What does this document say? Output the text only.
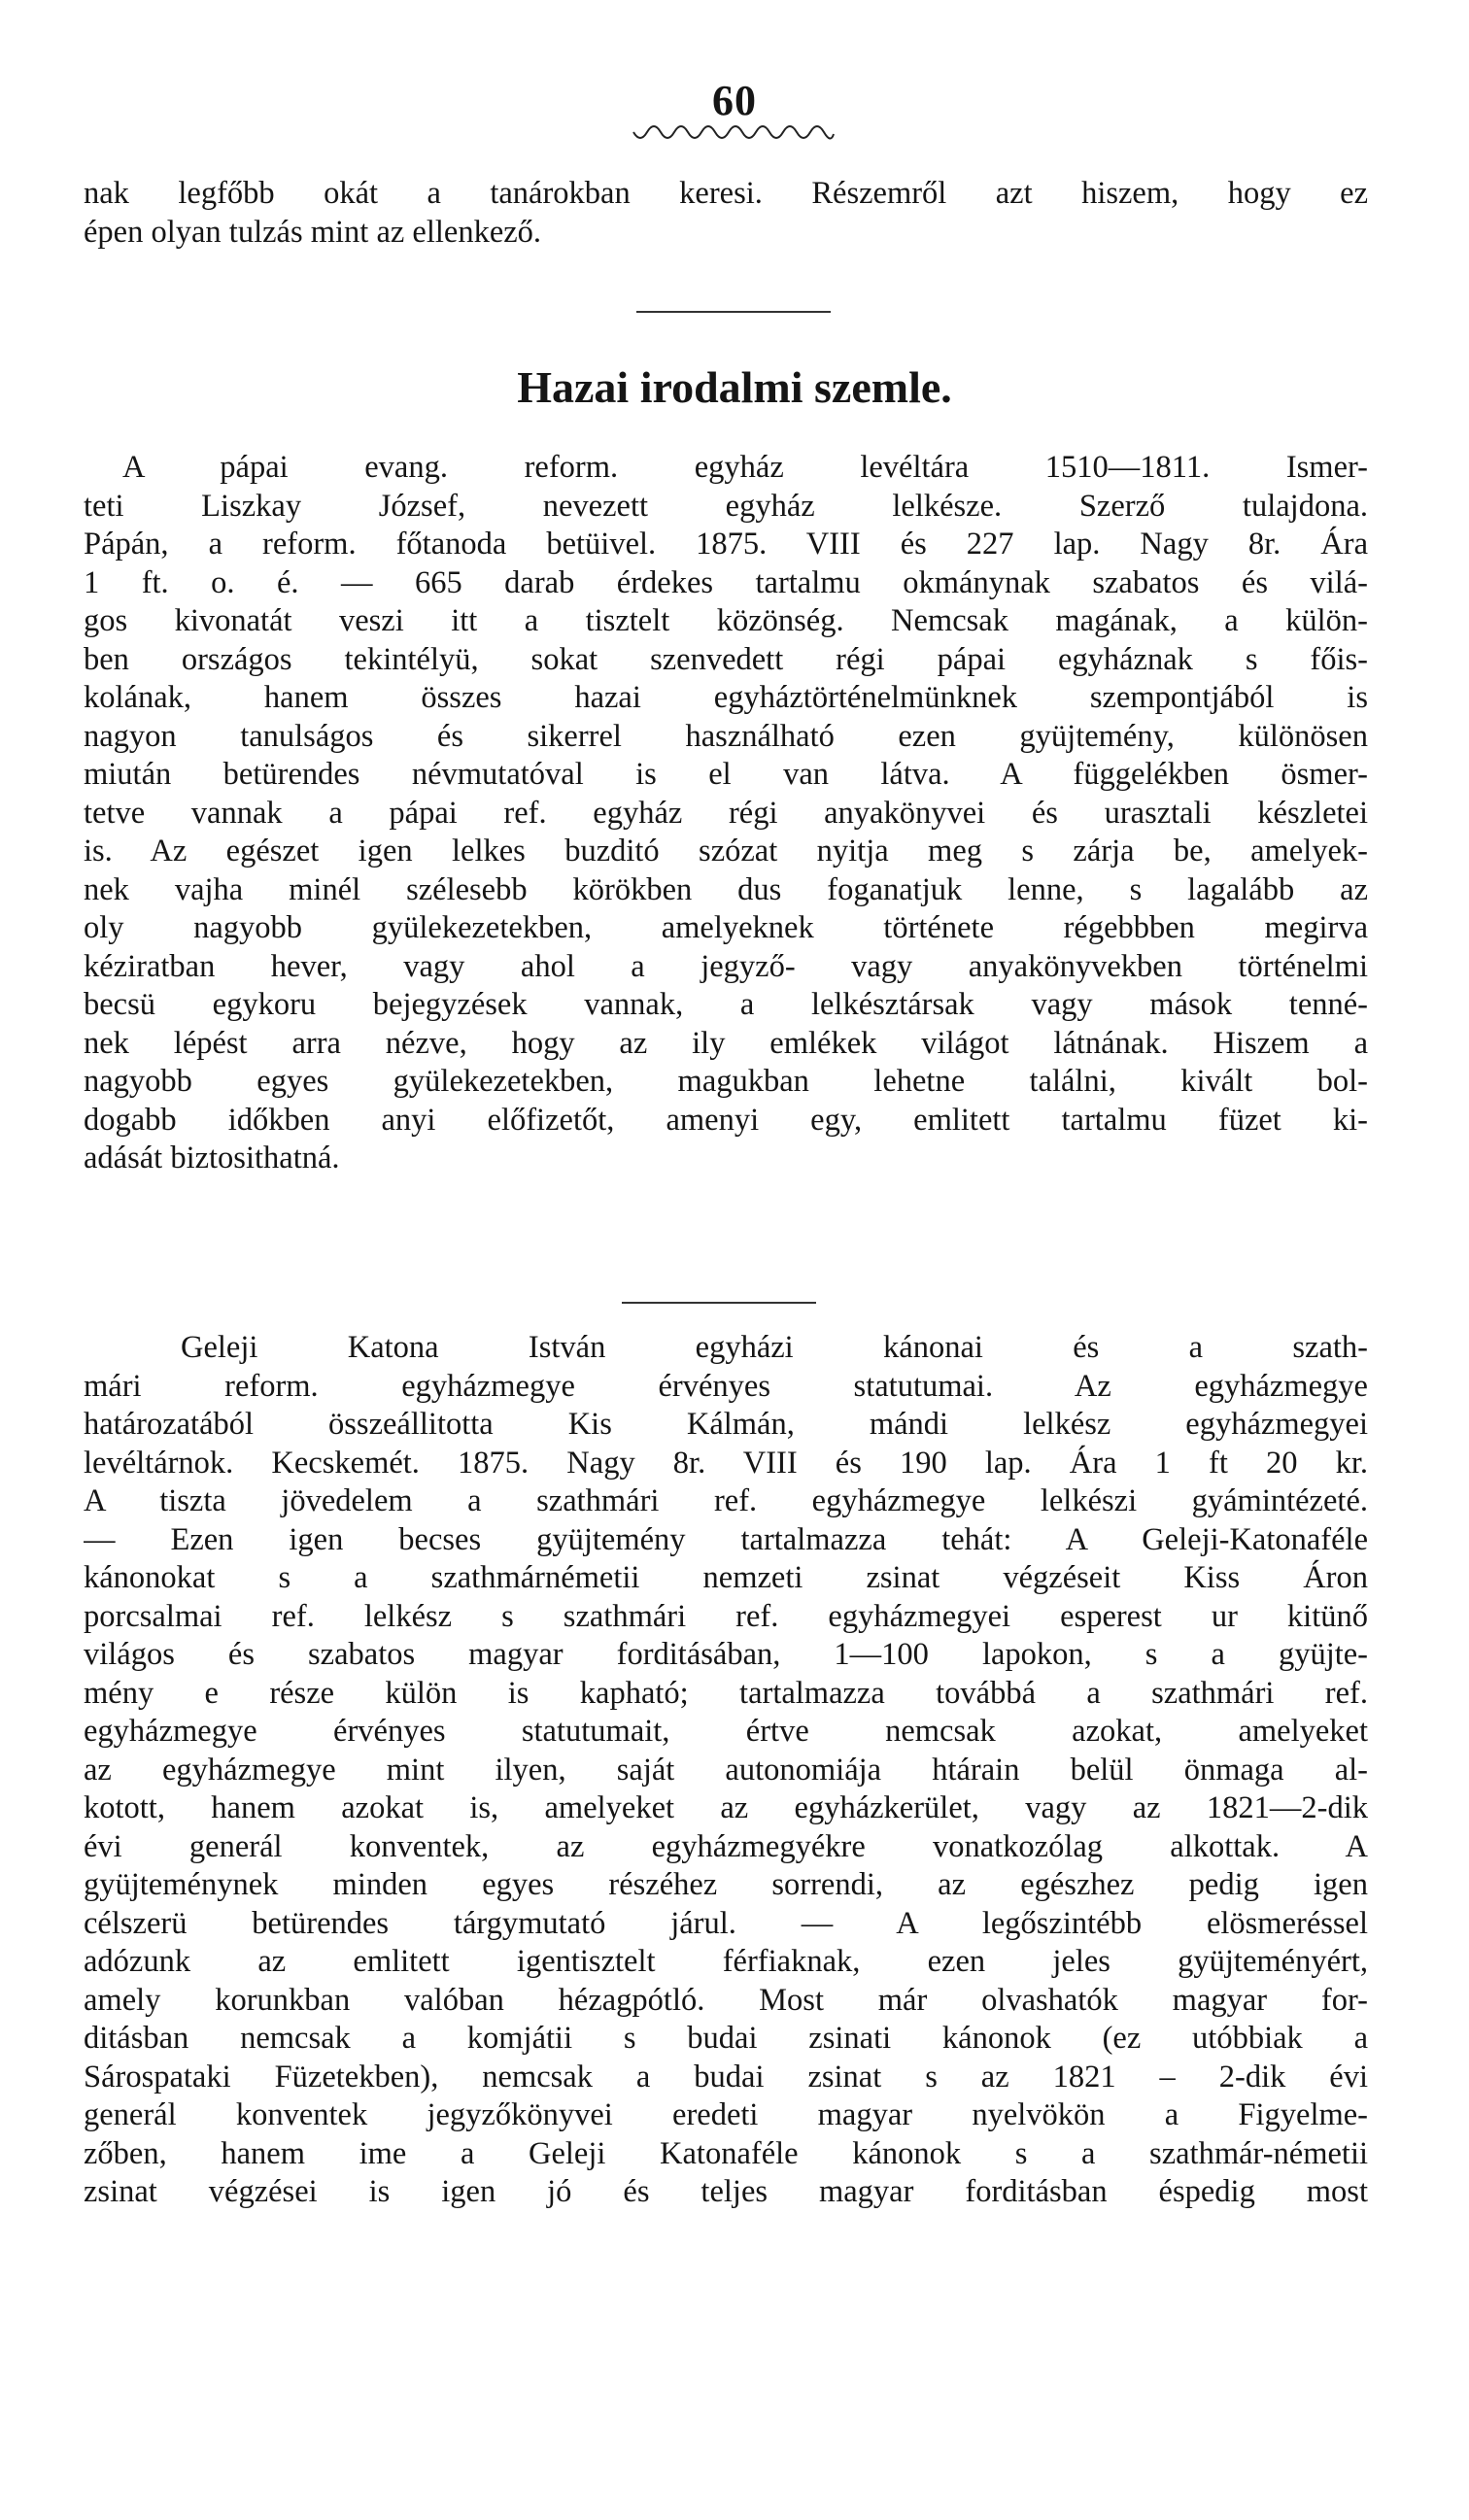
60
nak legfőbb okát a tanárokban keresi. Részemről azt hiszem, hogy ez
épen olyan tulzás mint az ellenkező.
Hazai irodalmi szemle.
A pápai evang. reform. egyház levéltára 1510—1811. Ismer-
teti Liszkay József, nevezett egyház lelkésze. Szerző tulajdona.
Pápán, a reform. főtanoda betüivel. 1875. VIII és 227 lap. Nagy 8r. Ára
1 ft. o. é. — 665 darab érdekes tartalmu okmánynak szabatos és vilá-
gos kivonatát veszi itt a tisztelt közönség. Nemcsak magának, a külön-
ben országos tekintélyü, sokat szenvedett régi pápai egyháznak s főis-
kolának, hanem összes hazai egyháztörténelmünknek szempontjából is
nagyon tanulságos és sikerrel használható ezen gyüjtemény, különösen
miután betürendes névmutatóval is el van látva. A függelékben ösmer-
tetve vannak a pápai ref. egyház régi anyakönyvei és urasztali készletei
is. Az egészet igen lelkes buzditó szózat nyitja meg s zárja be, amelyek-
nek vajha minél szélesebb körökben dus foganatjuk lenne, s lagalább az
oly nagyobb gyülekezetekben, amelyeknek története régebbben megirva
kéziratban hever, vagy ahol a jegyző- vagy anyakönyvekben történelmi
becsü egykoru bejegyzések vannak, a lelkésztársak vagy mások tenné-
nek lépést arra nézve, hogy az ily emlékek világot látnának. Hiszem a
nagyobb egyes gyülekezetekben, magukban lehetne találni, kivált bol-
dogabb időkben anyi előfizetőt, amenyi egy, emlitett tartalmu füzet ki-
adását biztosithatná.
Geleji Katona István egyházi kánonai és a szath-
mári reform. egyházmegye érvényes statutumai. Az egyházmegye
határozatából összeállitotta Kis Kálmán, mándi lelkész egyházmegyei
levéltárnok. Kecskemét. 1875. Nagy 8r. VIII és 190 lap. Ára 1 ft 20 kr.
A tiszta jövedelem a szathmári ref. egyházmegye lelkészi gyámintézeté.
— Ezen igen becses gyüjtemény tartalmazza tehát: A Geleji-Katonaféle
kánonokat s a szathmárnémetii nemzeti zsinat végzéseit Kiss Áron
porcsalmai ref. lelkész s szathmári ref. egyházmegyei esperest ur kitünő
világos és szabatos magyar forditásában, 1—100 lapokon, s a gyüjte-
mény e része külön is kapható; tartalmazza továbbá a szathmári ref.
egyházmegye érvényes statutumait, értve nemcsak azokat, amelyeket
az egyházmegye mint ilyen, saját autonomiája htárain belül önmaga al-
kotott, hanem azokat is, amelyeket az egyházkerület, vagy az 1821—2-dik
évi generál konventek, az egyházmegyékre vonatkozólag alkottak. A
gyüjteménynek minden egyes részéhez sorrendi, az egészhez pedig igen
célszerü betürendes tárgymutató járul. — A legőszintébb elösmeréssel
adózunk az emlitett igentisztelt férfiaknak, ezen jeles gyüjteményért,
amely korunkban valóban hézagpótló. Most már olvashatók magyar for-
ditásban nemcsak a komjátii s budai zsinati kánonok (ez utóbbiak a
Sárospataki Füzetekben), nemcsak a budai zsinat s az 1821 – 2-dik évi
generál konventek jegyzőkönyvei eredeti magyar nyelvökön a Figyelme-
zőben, hanem ime a Geleji Katonaféle kánonok s a szathmár-németii
zsinat végzései is igen jó és teljes magyar forditásban éspedig most
